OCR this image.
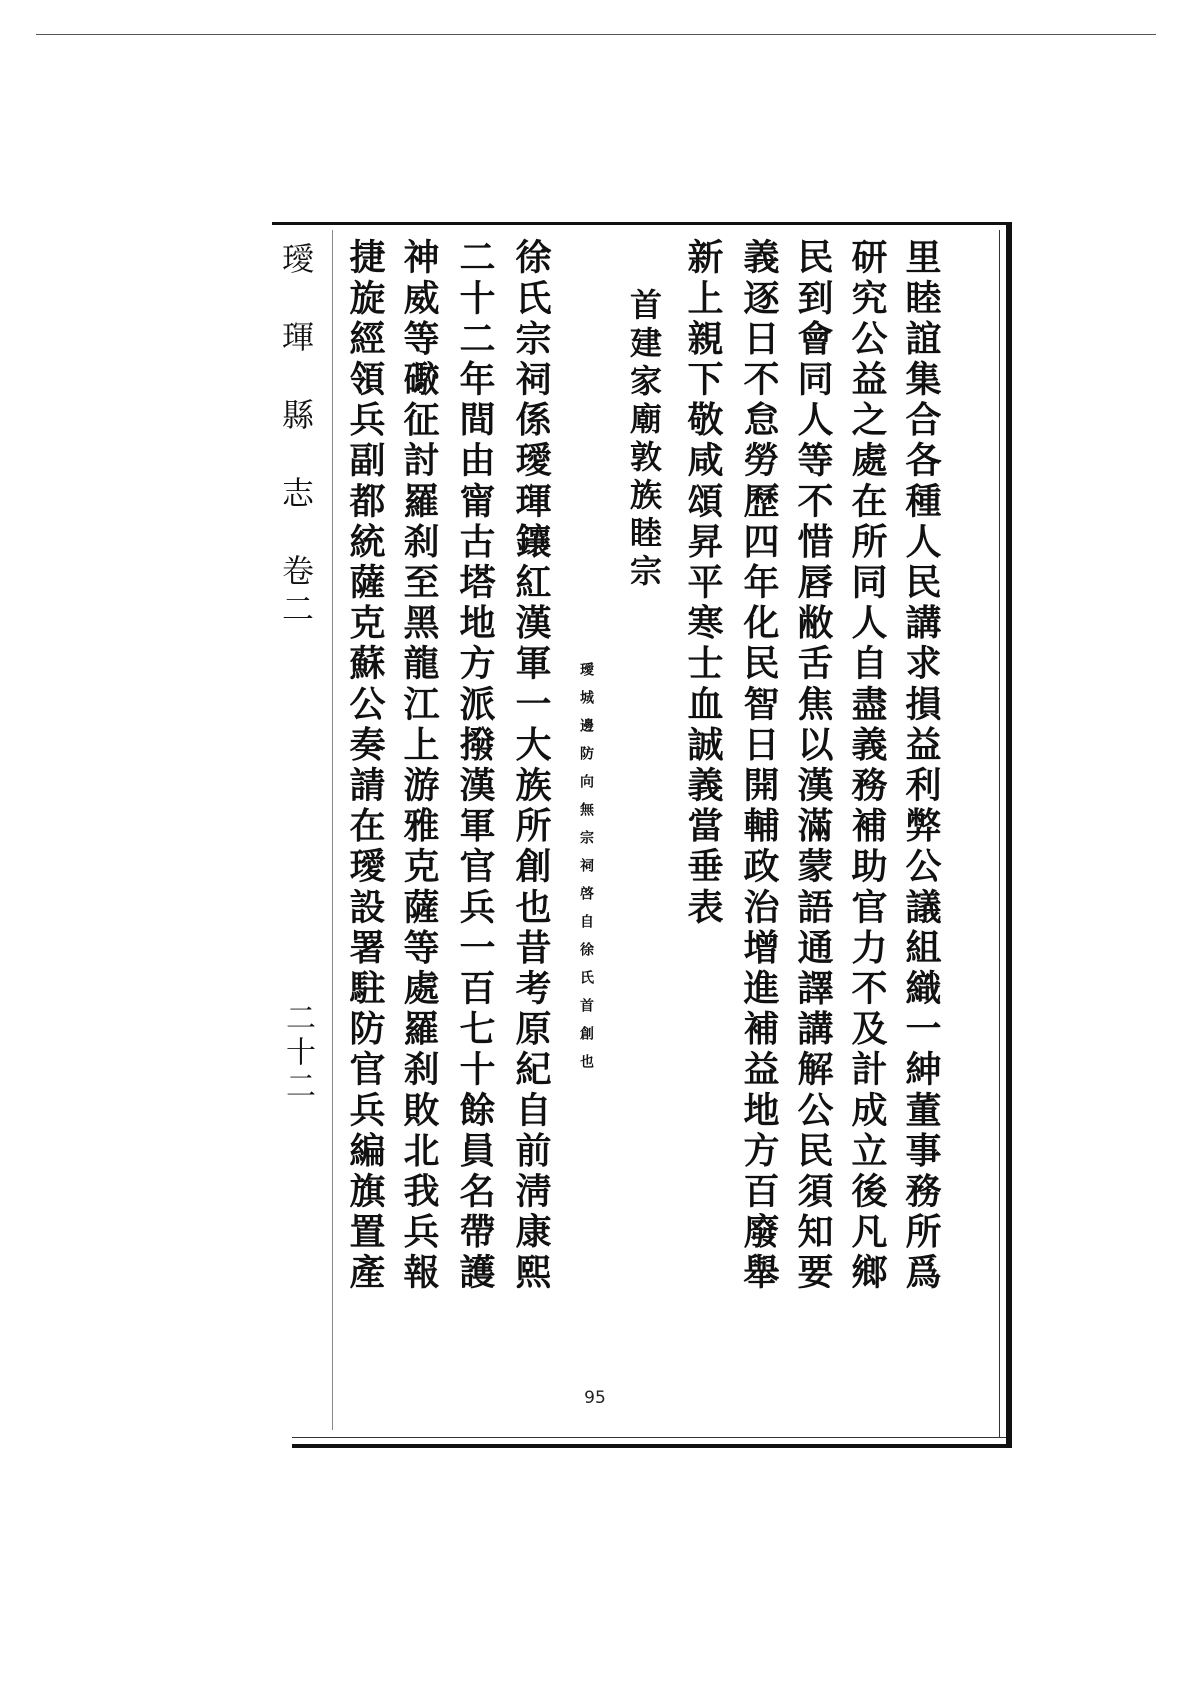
里睦誼集合各種人民講求損益利弊公議組織一紳董事務所爲
研究公益之處在所同人自盡義務補助官力不及計成立後凡鄉
民到會同人等不惜唇敝舌焦以漢滿蒙語通譯講解公民須知要
義逐日不怠勞歷四年化民智日開輔政治增進補益地方百廢舉
新上親下敬咸頌昇平寒士血誠義當垂表
首建家廟敦族睦宗
璦城邊防向無宗祠啓自徐氏首創也
徐氏宗祠係璦琿鑲紅漢軍一大族所創也昔考原紀自前淸康熙
二十二年間由甯古塔地方派撥漢軍官兵一百七十餘員名帶護
神威等礮征討羅刹至黑龍江上游雅克薩等處羅刹敗北我兵報
捷旋經領兵副都統薩克蘇公奏請在璦設署駐防官兵編旗置產
璦琿縣志卷二
二十二
95
